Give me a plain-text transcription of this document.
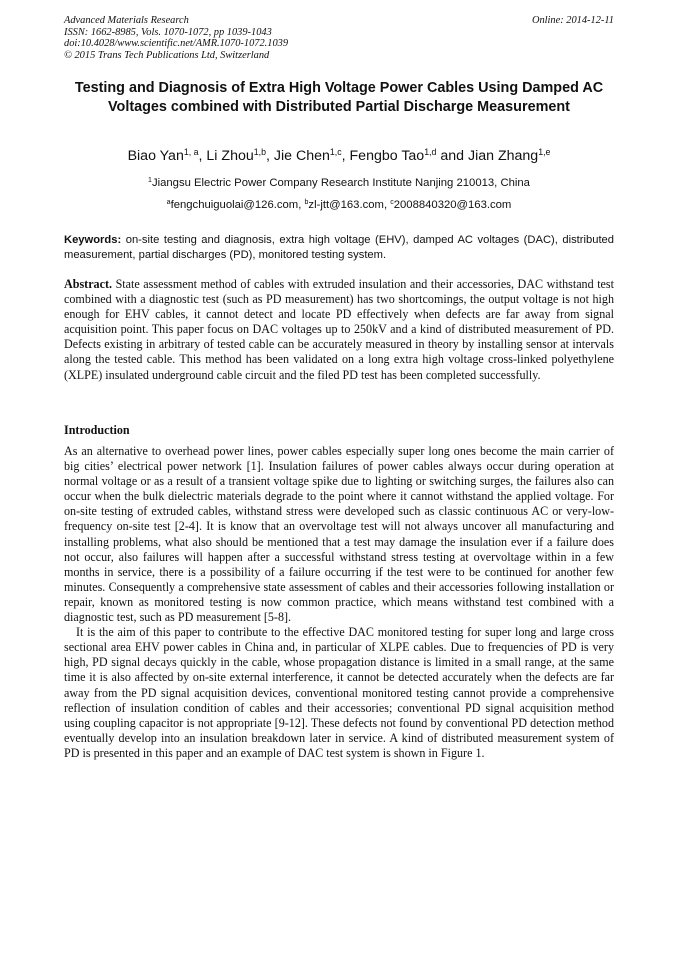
Advanced Materials Research
ISSN: 1662-8985, Vols. 1070-1072, pp 1039-1043
doi:10.4028/www.scientific.net/AMR.1070-1072.1039
© 2015 Trans Tech Publications Ltd, Switzerland
Online: 2014-12-11
Testing and Diagnosis of Extra High Voltage Power Cables Using Damped AC Voltages combined with Distributed Partial Discharge Measurement
Biao Yan$^{1, a}$, Li Zhou$^{1,b}$, Jie Chen$^{1,c}$, Fengbo Tao$^{1,d}$ and Jian Zhang$^{1,e}$
$^1$Jiangsu Electric Power Company Research Institute Nanjing 210013, China
$^a$fengchuiguolai@126.com, $^b$zl-jtt@163.com, $^c$2008840320@163.com
Keywords: on-site testing and diagnosis, extra high voltage (EHV), damped AC voltages (DAC), distributed measurement, partial discharges (PD), monitored testing system.
Abstract. State assessment method of cables with extruded insulation and their accessories, DAC withstand test combined with a diagnostic test (such as PD measurement) has two shortcomings, the output voltage is not high enough for EHV cables, it cannot detect and locate PD effectively when defects are far away from signal acquisition point. This paper focus on DAC voltages up to 250kV and a kind of distributed measurement of PD. Defects existing in arbitrary of tested cable can be accurately measured in theory by installing sensor at intervals along the tested cable. This method has been validated on a long extra high voltage cross-linked polyethylene (XLPE) insulated underground cable circuit and the filed PD test has been completed successfully.
Introduction

As an alternative to overhead power lines, power cables especially super long ones become the main carrier of big cities’ electrical power network [1]. Insulation failures of power cables always occur during operation at normal voltage or as a result of a transient voltage spike due to lighting or switching surges, the failures also can occur when the bulk dielectric materials degrade to the point where it cannot withstand the applied voltage. For on-site testing of extruded cables, withstand stress were developed such as classic continuous AC or very-low-frequency on-site test [2-4]. It is know that an overvoltage test will not always uncover all manufacturing and installing problems, what also should be mentioned that a test may damage the insulation ever if a failure does not occur, also failures will happen after a successful withstand stress testing at overvoltage within in a few months in service, there is a possibility of a failure occurring if the test were to be continued for another few minutes. Consequently a comprehensive state assessment of cables and their accessories following installation or repair, known as monitored testing is now common practice, which means withstand test combined with a diagnostic test, such as PD measurement [5-8].

It is the aim of this paper to contribute to the effective DAC monitored testing for super long and large cross sectional area EHV power cables in China and, in particular of XLPE cables. Due to frequencies of PD is very high, PD signal decays quickly in the cable, whose propagation distance is limited in a small range, at the same time it is also affected by on-site external interference, it cannot be detected accurately when the defects are far away from the PD signal acquisition devices, conventional monitored testing cannot provide a comprehensive reflection of insulation condition of cables and their accessories; conventional PD signal acquisition method using coupling capacitor is not appropriate [9-12]. These defects not found by conventional PD detection method eventually develop into an insulation breakdown later in service. A kind of distributed measurement system of PD is presented in this paper and an example of DAC test system is shown in Figure 1.
